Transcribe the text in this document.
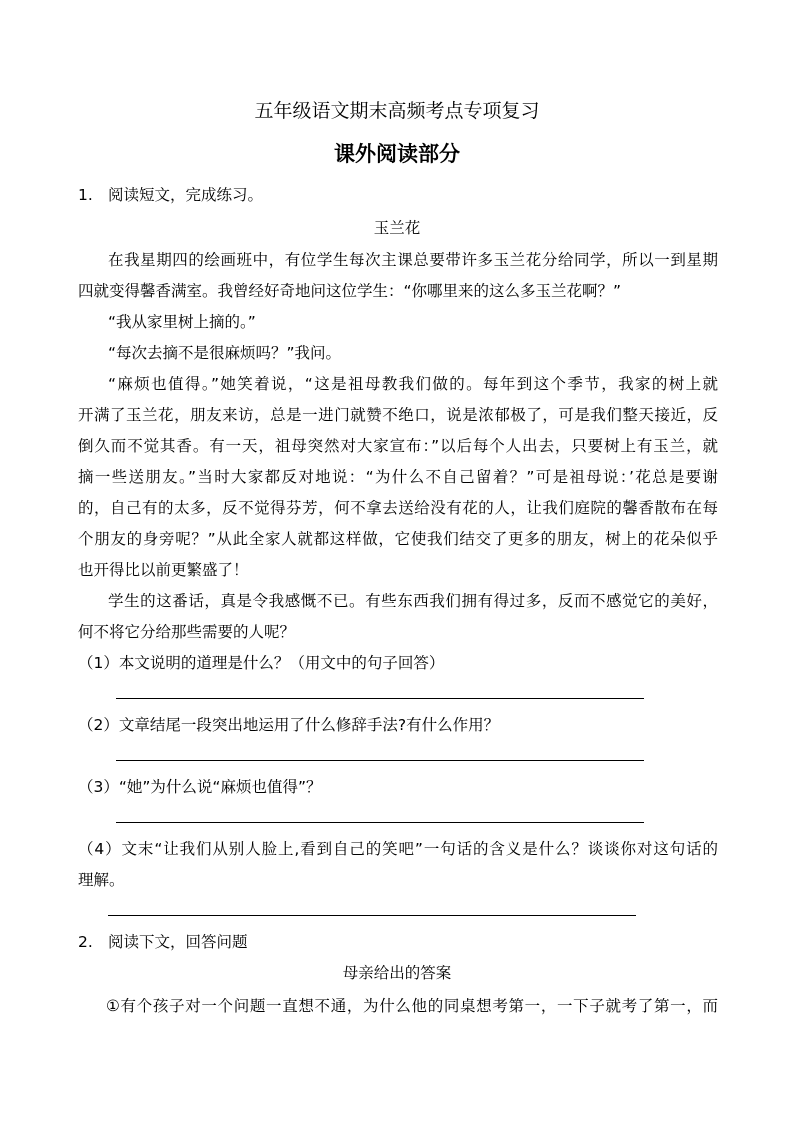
五年级语文期末高频考点专项复习
课外阅读部分
1. 阅读短文，完成练习。
玉兰花
在我星期四的绘画班中，有位学生每次主课总要带许多玉兰花分给同学，所以一到星期
四就变得馨香满室。我曾经好奇地问这位学生：“你哪里来的这么多玉兰花啊？”
“我从家里树上摘的。”
“每次去摘不是很麻烦吗？”我问。
“麻烦也值得。”她笑着说，“这是祖母教我们做的。每年到这个季节，我家的树上就
开满了玉兰花，朋友来访，总是一进门就赞不绝口，说是浓郁极了，可是我们整天接近，反
倒久而不觉其香。有一天，祖母突然对大家宣布：”以后每个人出去，只要树上有玉兰，就
摘一些送朋友。”当时大家都反对地说：“为什么不自己留着？”可是祖母说：’花总是要谢
的，自己有的太多，反不觉得芬芳，何不拿去送给没有花的人，让我们庭院的馨香散布在每
个朋友的身旁呢？”从此全家人就都这样做，它使我们结交了更多的朋友，树上的花朵似乎
也开得比以前更繁盛了！
学生的这番话，真是令我感慨不已。有些东西我们拥有得过多，反而不感觉它的美好，
何不将它分给那些需要的人呢？
（1）本文说明的道理是什么？（用文中的句子回答）
（2）文章结尾一段突出地运用了什么修辞手法?有什么作用？
（3）“她”为什么说“麻烦也值得”？
（4）文末“让我们从别人脸上,看到自己的笑吧”一句话的含义是什么？谈谈你对这句话的
理解。
2. 阅读下文，回答问题
母亲给出的答案
①有个孩子对一个问题一直想不通，为什么他的同桌想考第一，一下子就考了第一，而
